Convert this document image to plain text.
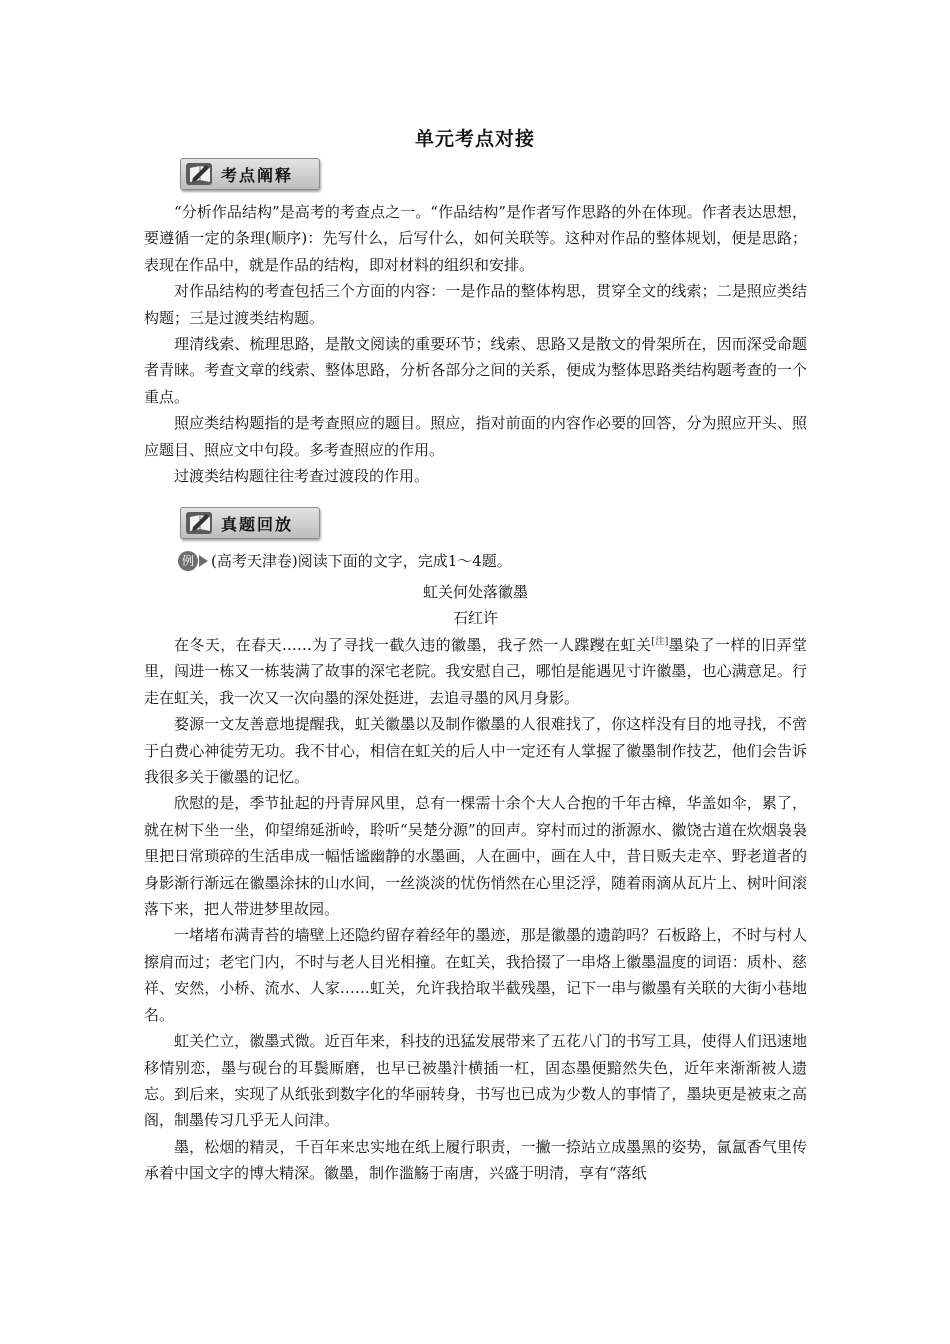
单元考点对接
考点阐释

“分析作品结构”是高考的考查点之一。“作品结构”是作者写作思路的外在体现。作者表达思想，要遵循一定的条理(顺序)：先写什么，后写什么，如何关联等。这种对作品的整体规划，便是思路；表现在作品中，就是作品的结构，即对材料的组织和安排。

对作品结构的考查包括三个方面的内容：一是作品的整体构思，贯穿全文的线索；二是照应类结构题；三是过渡类结构题。

理清线索、梳理思路，是散文阅读的重要环节；线索、思路又是散文的骨架所在，因而深受命题者青睐。考查文章的线索、整体思路，分析各部分之间的关系，便成为整体思路类结构题考查的一个重点。

照应类结构题指的是考查照应的题目。照应，指对前面的内容作必要的回答，分为照应开头、照应题目、照应文中句段。多考查照应的作用。

过渡类结构题往往考查过渡段的作用。

真题回放
例 (高考天津卷)阅读下面的文字，完成1～4题。
虹关何处落徽墨
石红许

在冬天，在春天……为了寻找一截久违的徽墨，我孑然一人蹀躞在虹关[注]墨染了一样的旧弄堂里，闯进一栋又一栋装满了故事的深宅老院。我安慰自己，哪怕是能遇见寸许徽墨，也心满意足。行走在虹关，我一次又一次向墨的深处挺进，去追寻墨的风月身影。

婺源一文友善意地提醒我，虹关徽墨以及制作徽墨的人很难找了，你这样没有目的地寻找，不啻于白费心神徒劳无功。我不甘心，相信在虹关的后人中一定还有人掌握了徽墨制作技艺，他们会告诉我很多关于徽墨的记忆。

欣慰的是，季节扯起的丹青屏风里，总有一棵需十余个大人合抱的千年古樟，华盖如伞，累了，就在树下坐一坐，仰望绵延浙岭，聆听“吴楚分源”的回声。穿村而过的浙源水、徽饶古道在炊烟袅袅里把日常琐碎的生活串成一幅恬谧幽静的水墨画，人在画中，画在人中，昔日贩夫走卒、野老道者的身影渐行渐远在徽墨涂抹的山水间，一丝淡淡的忧伤悄然在心里泛浮，随着雨滴从瓦片上、树叶间滚落下来，把人带进梦里故园。

一堵堵布满青苔的墙壁上还隐约留存着经年的墨迹，那是徽墨的遗韵吗？石板路上，不时与村人擦肩而过；老宅门内，不时与老人目光相撞。在虹关，我拾掇了一串烙上徽墨温度的词语：质朴、慈祥、安然，小桥、流水、人家……虹关，允许我拾取半截残墨，记下一串与徽墨有关联的大街小巷地名。

虹关伫立，徽墨式微。近百年来，科技的迅猛发展带来了五花八门的书写工具，使得人们迅速地移情别恋，墨与砚台的耳鬓厮磨，也早已被墨汁横插一杠，固态墨便黯然失色，近年来渐渐被人遗忘。到后来，实现了从纸张到数字化的华丽转身，书写也已成为少数人的事情了，墨块更是被束之高阁，制墨传习几乎无人问津。

墨，松烟的精灵，千百年来忠实地在纸上履行职责，一撇一捺站立成墨黑的姿势，氤氲香气里传承着中国文字的博大精深。徽墨，制作滥觞于南唐，兴盛于明清，享有“落纸
